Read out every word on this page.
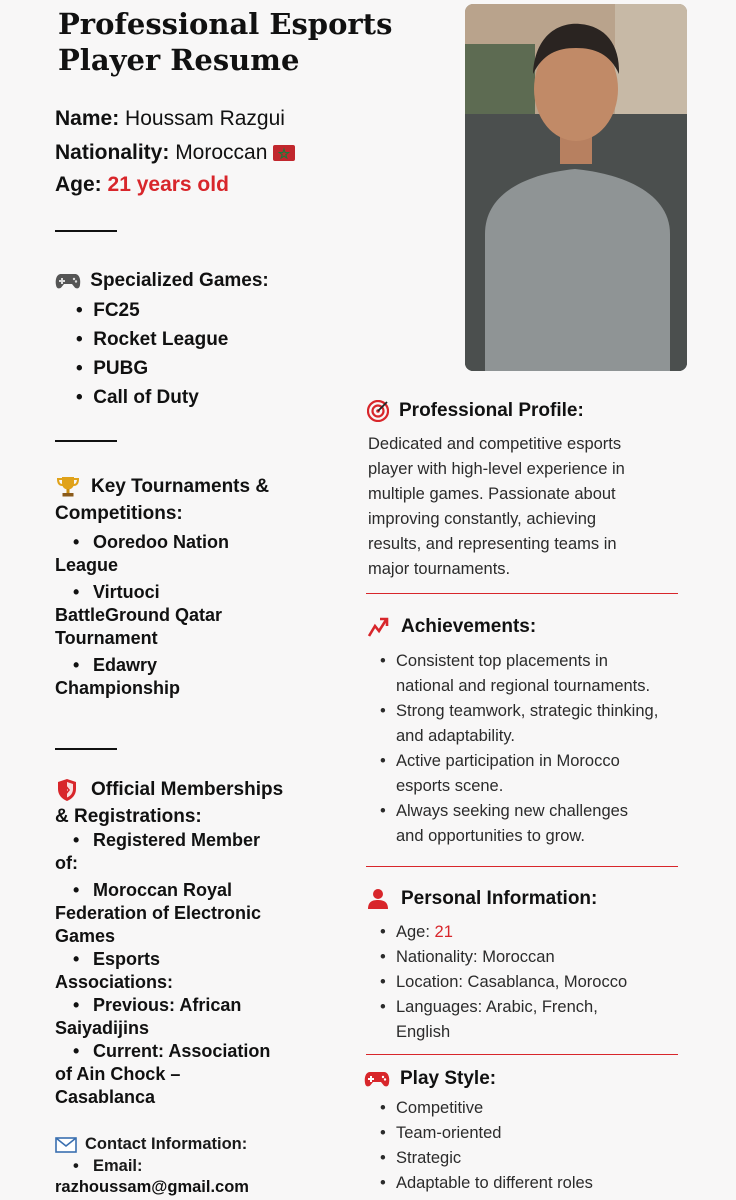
Professional Esports Player Resume
Name: Houssam Razgui
Nationality: Moroccan
Age: 21 years old
Specialized Games:
•  FC25
•  Rocket League
•  PUBG
•  Call of Duty
Key Tournaments &
Competitions:
• Ooredoo Nation
League
• Virtuoci
BattleGround Qatar
Tournament
• Edawry
Championship
Official Memberships
& Registrations:
• Registered Member
of:
• Moroccan Royal
Federation of Electronic
Games
• Esports
Associations:
• Previous: African
Saiyadijins
• Current: Association
of Ain Chock –
Casablanca
Contact Information:
• Email:
razhoussam@gmail.com
Professional Profile:
Dedicated and competitive esports
player with high-level experience in
multiple games. Passionate about
improving constantly, achieving
results, and representing teams in
major tournaments.
Achievements:
• Consistent top placements in
national and regional tournaments.
• Strong teamwork, strategic thinking,
and adaptability.
• Active participation in Morocco
esports scene.
• Always seeking new challenges
and opportunities to grow.
Personal Information:
• Age: 21
• Nationality: Moroccan
• Location: Casablanca, Morocco
• Languages: Arabic, French,
English
Play Style:
• Competitive
• Team-oriented
• Strategic
• Adaptable to different roles
